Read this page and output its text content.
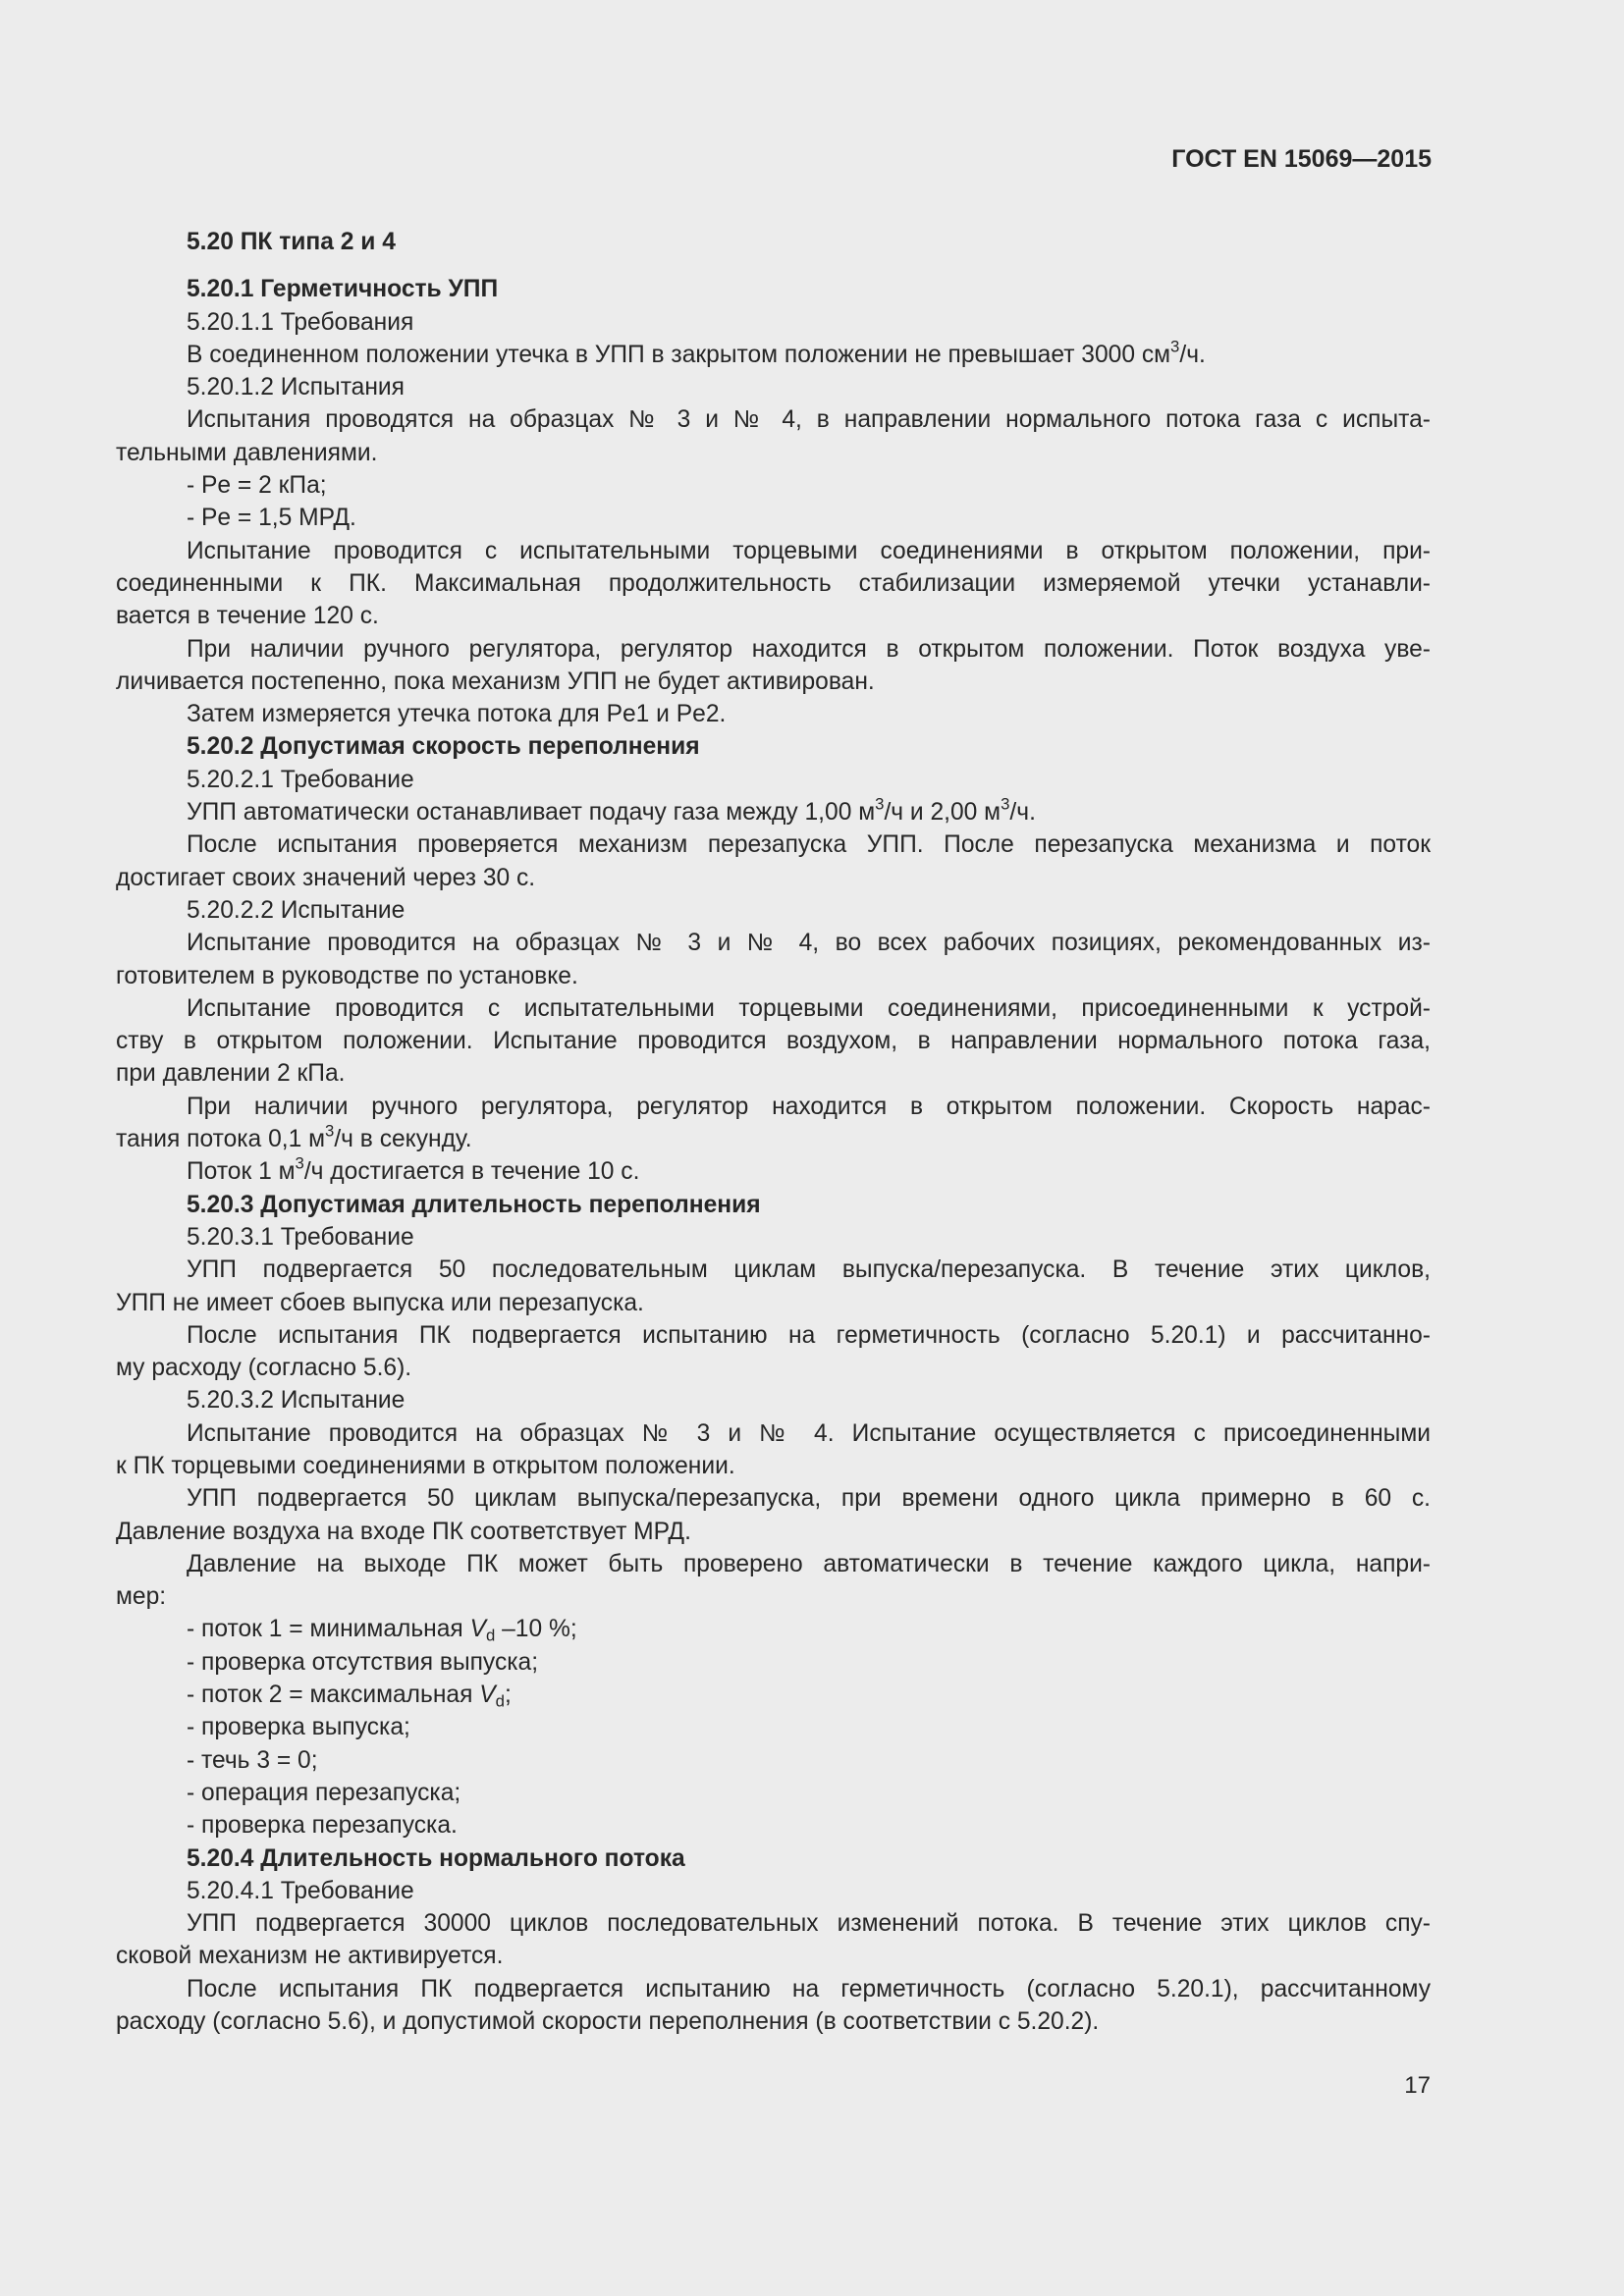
ГОСТ EN 15069—2015

5.20 ПК типа 2 и 4

5.20.1 Герметичность УПП

5.20.1.1 Требования

В соединенном положении утечка в УПП в закрытом положении не превышает 3000 $см^3/ч$.

5.20.1.2 Испытания

Испытания проводятся на образцах № 3 и № 4, в направлении нормального потока газа с испыта-

тельными давлениями.

- Pe = 2 кПа;

- Pe = 1,5 МРД.

Испытание проводится с испытательными торцевыми соединениями в открытом положении, при-

соединенными к ПК. Максимальная продолжительность стабилизации измеряемой утечки устанавли-

вается в течение 120 с.

При наличии ручного регулятора, регулятор находится в открытом положении. Поток воздуха уве-

личивается постепенно, пока механизм УПП не будет активирован.

Затем измеряется утечка потока для Pe1 и Pe2.

5.20.2 Допустимая скорость переполнения

5.20.2.1 Требование

УПП автоматически останавливает подачу газа между 1,00 $м^3/ч$ и 2,00 $м^3/ч$.

После испытания проверяется механизм перезапуска УПП. После перезапуска механизма и поток

достигает своих значений через 30 с.

5.20.2.2 Испытание

Испытание проводится на образцах № 3 и № 4, во всех рабочих позициях, рекомендованных из-

готовителем в руководстве по установке.

Испытание проводится с испытательными торцевыми соединениями, присоединенными к устрой-

ству в открытом положении. Испытание проводится воздухом, в направлении нормального потока газа,

при давлении 2 кПа.

При наличии ручного регулятора, регулятор находится в открытом положении. Скорость нарас-

тания потока 0,1 $м^3/ч$ в секунду.

Поток 1 $м^3/ч$ достигается в течение 10 с.

5.20.3 Допустимая длительность переполнения

5.20.3.1 Требование

УПП подвергается 50 последовательным циклам выпуска/перезапуска. В течение этих циклов,

УПП не имеет сбоев выпуска или перезапуска.

После испытания ПК подвергается испытанию на герметичность (согласно 5.20.1) и рассчитанно-

му расходу (согласно 5.6).

5.20.3.2 Испытание

Испытание проводится на образцах № 3 и № 4. Испытание осуществляется с присоединенными

к ПК торцевыми соединениями в открытом положении.

УПП подвергается 50 циклам выпуска/перезапуска, при времени одного цикла примерно в 60 с.

Давление воздуха на входе ПК соответствует МРД.

Давление на выходе ПК может быть проверено автоматически в течение каждого цикла, напри-

мер:

- поток 1 = минимальная $V_d$ –10 %;

- проверка отсутствия выпуска;

- поток 2 = максимальная $V_d$;

- проверка выпуска;

- течь 3 = 0;

- операция перезапуска;

- проверка перезапуска.

5.20.4 Длительность нормального потока

5.20.4.1 Требование

УПП подвергается 30000 циклов последовательных изменений потока. В течение этих циклов спу-

сковой механизм не активируется.

После испытания ПК подвергается испытанию на герметичность (согласно 5.20.1), рассчитанному

расходу (согласно 5.6), и допустимой скорости переполнения (в соответствии с 5.20.2).

17
